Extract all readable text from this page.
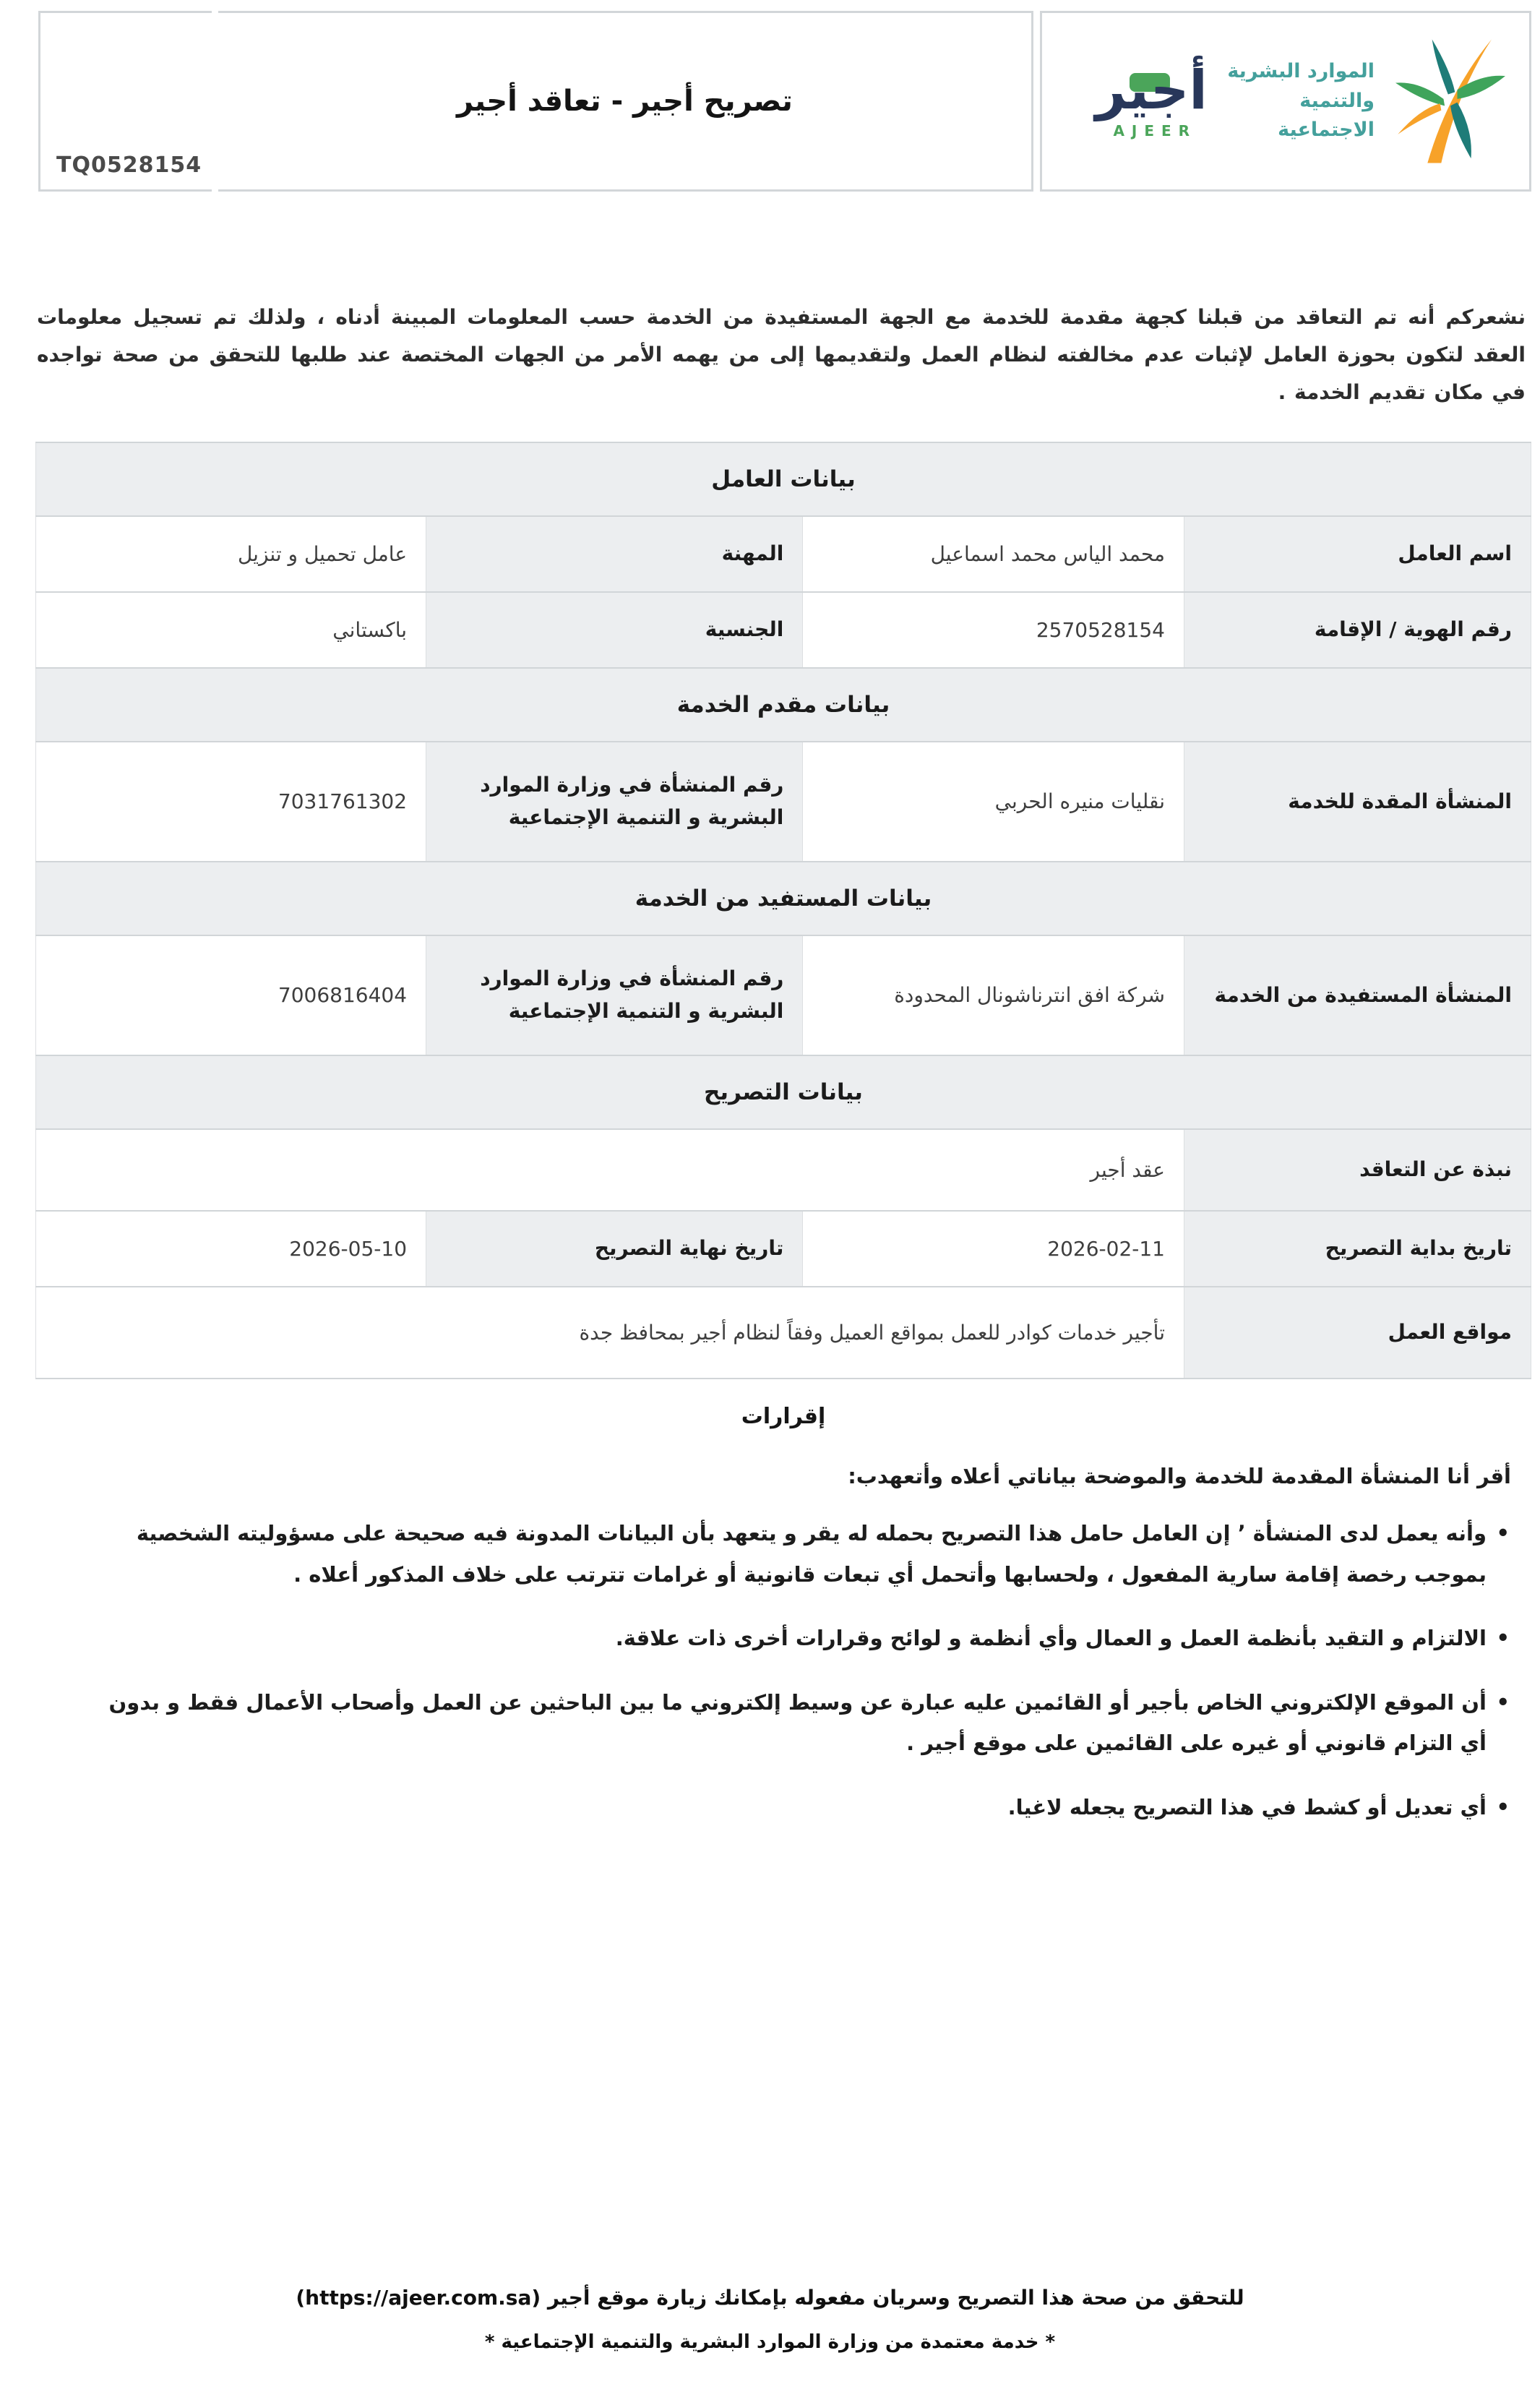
TQ0528154
تصريح أجير - تعاقد أجير	أجير
AJEER
الموارد البشرية
والتنمية الاجتماعية

نشعركم أنه تم التعاقد من قبلنا كجهة مقدمة للخدمة مع الجهة المستفيدة من الخدمة حسب المعلومات المبينة أدناه ، ولذلك تم تسجيل معلومات العقد لتكون بحوزة العامل لإثبات عدم مخالفته لنظام العمل ولتقديمها إلى من يهمه الأمر من الجهات المختصة عند طلبها للتحقق من صحة تواجده في مكان تقديم الخدمة .

بيانات العامل			
اسم العامل	محمد الياس محمد اسماعيل	المهنة	عامل تحميل و تنزيل
رقم الهوية / الإقامة	2570528154	الجنسية	باكستاني
بيانات مقدم الخدمة			
المنشأة المقدة للخدمة	نقليات منيره الحربي	رقم المنشأة في وزارة الموارد البشرية و التنمية الإجتماعية	7031761302
بيانات المستفيد من الخدمة			
المنشأة المستفيدة من الخدمة	شركة افق انترناشونال المحدودة	رقم المنشأة في وزارة الموارد البشرية و التنمية الإجتماعية	7006816404
بيانات التصريح			
نبذة عن التعاقد	عقد أجير		
تاريخ بداية التصريح	2026-02-11	تاريخ نهاية التصريح	2026-05-10
مواقع العمل	تأجير خدمات كوادر للعمل بمواقع العميل وفقاً لنظام أجير بمحافظ جدة		
إقرارات

أقر أنا المنشأة المقدمة للخدمة والموضحة بياناتي أعلاه وأتعهدب:

• وأنه يعمل لدى المنشأة ’ إن العامل حامل هذا التصريح بحمله له يقر و يتعهد بأن البيانات المدونة فيه صحيحة على مسؤوليته الشخصية بموجب رخصة إقامة سارية المفعول ، ولحسابها وأتحمل أي تبعات قانونية أو غرامات تترتب على خلاف المذكور أعلاه .
• الالتزام و التقيد بأنظمة العمل و العمال وأي أنظمة و لوائح وقرارات أخرى ذات علاقة.
• أن الموقع الإلكتروني الخاص بأجير أو القائمين عليه عبارة عن وسيط إلكتروني ما بين الباحثين عن العمل وأصحاب الأعمال فقط و بدون أي التزام قانوني أو غيره على القائمين على موقع أجير .
• أي تعديل أو كشط في هذا التصريح يجعله لاغيا.
للتحقق من صحة هذا التصريح وسريان مفعوله بإمكانك زيارة موقع أجير (https://ajeer.com.sa)
* خدمة معتمدة من وزارة الموارد البشرية والتنمية الإجتماعية *
